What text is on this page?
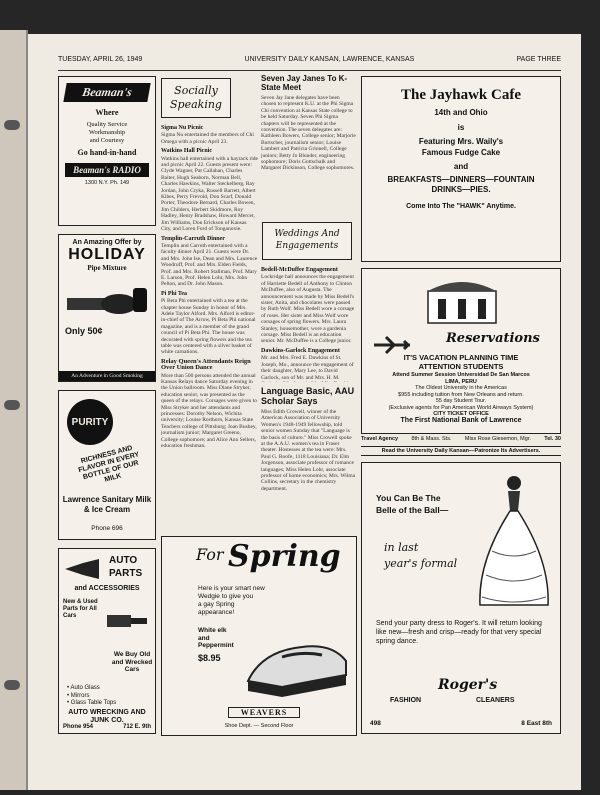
TUESDAY, APRIL 26, 1949	UNIVERSITY DAILY KANSAN, LAWRENCE, KANSAS	PAGE THREE
Beaman's
Where
Quality Service
Workmanship
and Courtesy
Go hand-in-hand
Beaman's RADIO
1300 N.Y. Ph. 149
An Amazing Offer by
HOLIDAY
Pipe Mixture
Only 50¢
An Adventure in Good Smoking
PURITY
RICHNESS AND FLAVOR IN EVERY BOTTLE OF OUR MILK
Lawrence Sanitary Milk & Ice Cream
Phone 696
AUTO
PARTS
and ACCESSORIES
New & Used Parts for All Cars
We Buy Old and Wrecked Cars
• Auto Glass
• Mirrors
• Glass Table Tops
AUTO WRECKING AND JUNK CO.
Phone 954	712 E. 9th
Socially Speaking
Sigma Nu Picnic

Sigma Nu entertained the members of Chi Omega with a picnic April 23.

Watkins Hall Picnic

Watkins hall entertained with a hayrack ride and picnic April 22. Guests present were: Clyde Wagner, Pat Callahan, Charles Baiter, Hugh Seaborn, Norman Bell, Charles Hawkins, Walter Steckelberg, Ray Jordan, John Cryka, Russell Barrett, Albert Kibes, Perry Frevold, Don Scarf, Donald Porter, Theodore Bernard, Charles Bowen, Jim Childers, Herbert Skidmore, Roy Hadley, Henry Bradshaw, Howard Mercer, Jim Williams, Don Erickson of Kansas City, and Loren Ford of Tonganoxie.

Templin-Carruth Dinner

Templin and Carruth entertained with a faculty dinner April 21. Guests were Dr. and Mrs. John Ise, Dean and Mrs. Laurence Woodruff, Prof. and Mrs. Elden Fields, Prof. and Mrs. Robert Stallman, Prof. Mary E. Larson, Prof. Helen Lohr, Mrs. John Pelton, and Dr. John Mason.

Pi Phi Tea

Pi Beta Phi entertained with a tea at the chapter house Sunday in honor of Mrs. Adele Taylor Alford. Mrs. Alford is editor-in-chief of The Arrow, Pi Beta Phi national magazine, and is a member of the grand council of Pi Beta Phi. The house was decorated with spring flowers and the tea table was centered with a silver basket of white carnations.

Relay Queen's Attendants Reign Over Union Dance

More than 500 persons attended the annual Kansas Relays dance Saturday evening in the Union ballroom. Miss Diane Stryker, education senior, was presented as the queen of the relays. Corsages were given to Miss Stryker and her attendants and princesses: Dorothy Nelson, Wichita university; Louise Rorthorn, Kansas State Teachers college of Pittsburg; Joan Bushey, journalism junior; Margaret Greeno, College sophomore; and Alice Ann Sellers, education freshman.

Seven Jay Janes To K-State Meet

Seven Jay Jane delegates have been chosen to represent K.U. at the Phi Sigma Chi convention at Kansas State college to be held Saturday. Seven Phi Sigma chapters will be represented at the convention. The seven delegates are: Kathleen Bowers, College senior; Marjorie Burtscher, journalism senior; Louise Lambert and Patricia Grinnell, College juniors; Betty Jo Blunder, engineering sophomore; Doris Gottschalk and Margaret Dickinson, College sophomores.

Weddings And Engagements
Bedell-McDuffee Engagement

Lockridge hall announces the engagement of Harriette Bedell of Anthony to Clinton McDuffee, also of Augusta. The announcement was made by Miss Bedell's sister, Anita, and chocolates were passed by Ruth Wolf. Miss Bedell wore a corsage of roses. Her sister and Miss Wolf wore corsages of spring flowers. Mrs. Laura Stanley, housemother, wore a gardenia corsage. Miss Bedell is an education senior. Mr. McDuffee is a College junior.

Dawkins-Garlock Engagement

Mr. and Mrs. Fred E. Dawkins of St. Joseph, Mo., announce the engagement of their daughter, Mary Lee, to David Garlock, son of Mr. and Mrs. H. M.

Language Basic, AAU Scholar Says

Miss Edith Crowell, winner of the American Association of University Women's 1948-1949 fellowship, told senior women Sunday that "Language is the basis of culture." Miss Crowell spoke at the A.A.U. women's tea in Fraser theater. Hostesses at the tea were: Mrs. Paul G. Roofe, 1118 Louisiana; Dr. Elm Jorgenson, associate professor of romance languages; Miss Helen Lohr, associate professor of home economics; Mrs. Wilma Collins, secretary in the chemistry department.

For Spring
Here is your smart new
Wedgie to give you
a gay Spring
appearance!
White elk
and
Peppermint
$8.95
WEAVERS
Shoe Dept. — Second Floor
The Jayhawk Cafe
14th and Ohio
is
Featuring Mrs. Waily's
Famous Fudge Cake
and
BREAKFASTS—DINNERS—FOUNTAIN DRINKS—PIES.
Come Into The "HAWK" Anytime.
Reservations
IT'S VACATION PLANNING TIME
ATTENTION STUDENTS
Attend Summer Session Universidad De San Marcos
LIMA, PERU
The Oldest University in the Americas
$955 including tuition from New Orleans and return.
55 day Student Tour.
(Exclusive agents for Pan American World Airways System)
CITY TICKET OFFICE
The First National Bank of Lawrence
Travel Agency 8th & Mass. Sts. Miss Rose Giesemon, Mgr. Tel. 30
Read the University Daily Kansan—Patronize Its Advertisers.
You Can Be The
Belle of the Ball—
in last
year's formal
Send your party dress to Roger's. It will return looking like new—fresh and crisp—ready for that very special spring dance.
Roger's
FASHION	CLEANERS
498	8 East 8th
